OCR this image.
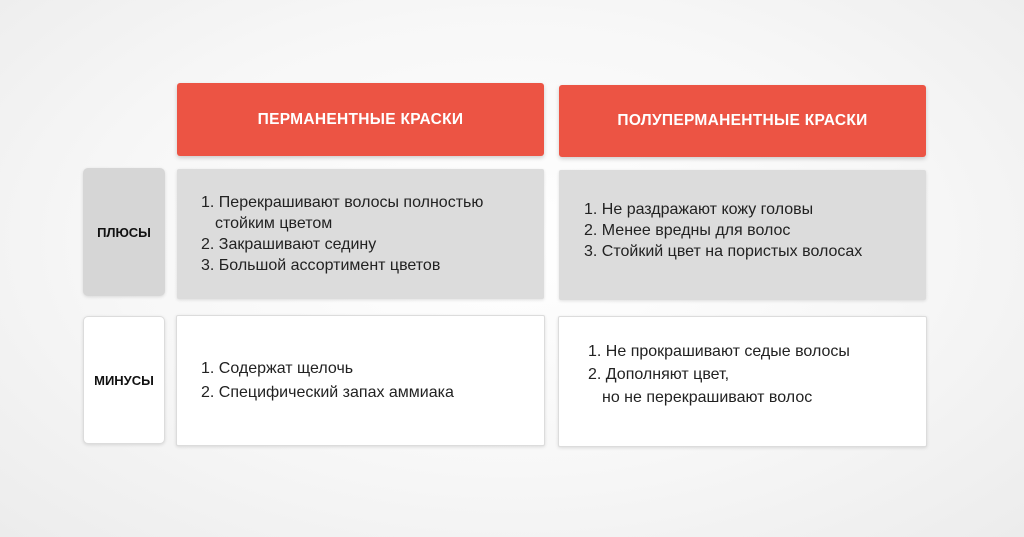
ПЕРМАНЕНТНЫЕ КРАСКИ	ПОЛУПЕРМАНЕНТНЫЕ КРАСКИ
ПЛЮСЫ
МИНУСЫ
1. Перекрашивают волосы полностью
стойким цветом
2. Закрашивают седину
3. Большой ассортимент цветов
1. Не раздражают кожу головы
2. Менее вредны для волос
3. Стойкий цвет на пористых волосах
1. Содержат щелочь
2. Специфический запах аммиака
1. Не прокрашивают седые волосы
2. Дополняют цвет,
но не перекрашивают волос
